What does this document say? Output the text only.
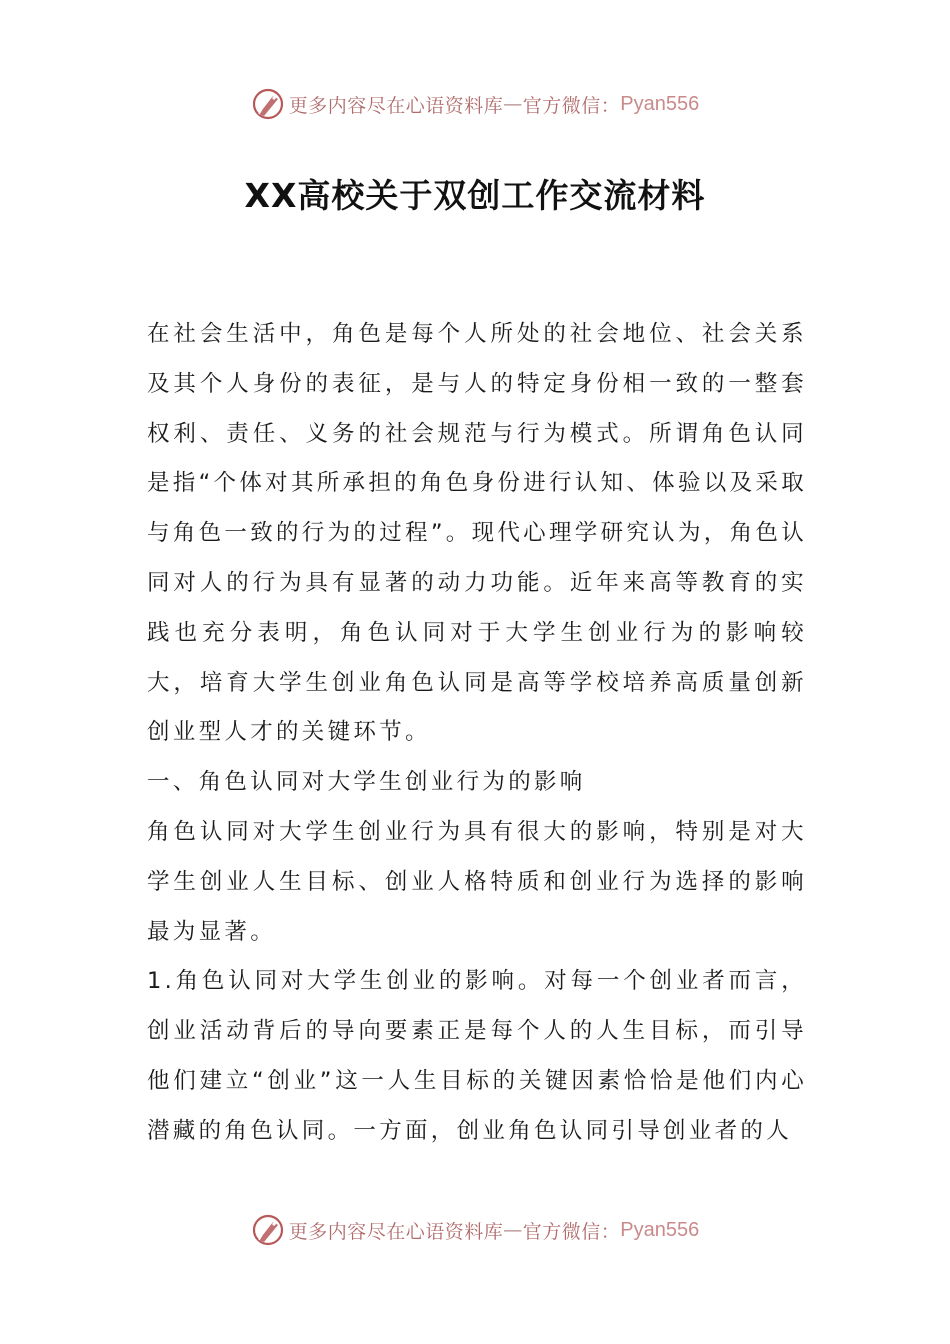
更多内容尽在心语资料库 — 官方微信： Pyan556
XX高校关于双创工作交流材料

在社会生活中，角色是每个人所处的社会地位、社会关系及其个人身份的表征，是与人的特定身份相一致的一整套权利、责任、义务的社会规范与行为模式。所谓角色认同是指“个体对其所承担的角色身份进行认知、体验以及采取与角色一致的行为的过程”。现代心理学研究认为，角色认同对人的行为具有显著的动力功能。近年来高等教育的实践也充分表明，角色认同对于大学生创业行为的影响较大，培育大学生创业角色认同是高等学校培养高质量创新创业型人才的关键环节。

一、角色认同对大学生创业行为的影响

角色认同对大学生创业行为具有很大的影响，特别是对大学生创业人生目标、创业人格特质和创业行为选择的影响最为显著。

1.角色认同对大学生创业的影响。对每一个创业者而言，创业活动背后的导向要素正是每个人的人生目标，而引导他们建立“创业”这一人生目标的关键因素恰恰是他们内心潜藏的角色认同。一方面，创业角色认同引导创业者的人

更多内容尽在心语资料库 — 官方微信： Pyan556
